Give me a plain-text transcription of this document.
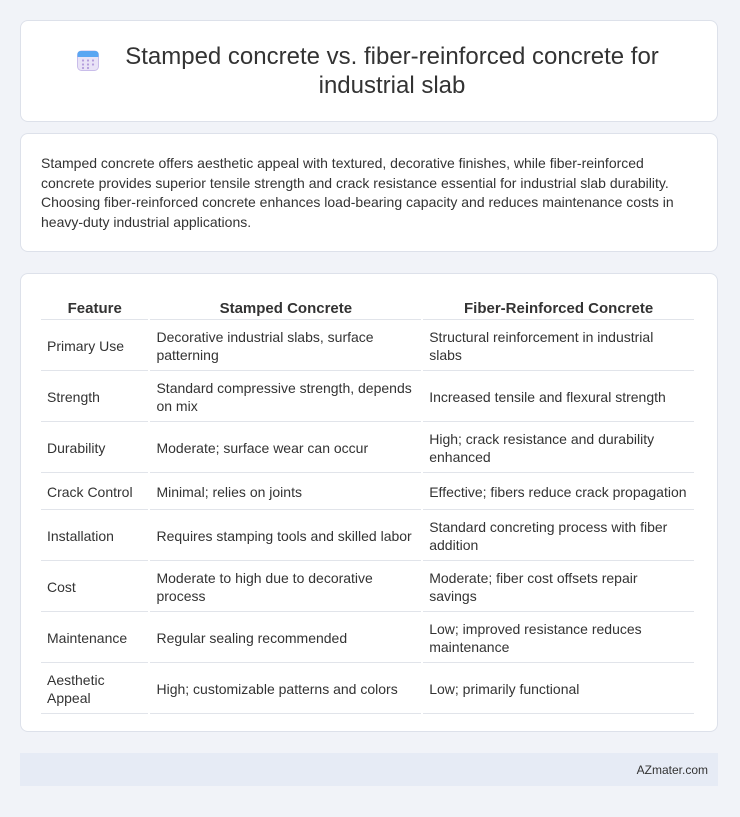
Stamped concrete vs. fiber-reinforced concrete for industrial slab

Stamped concrete offers aesthetic appeal with textured, decorative finishes, while fiber-reinforced concrete provides superior tensile strength and crack resistance essential for industrial slab durability. Choosing fiber-reinforced concrete enhances load-bearing capacity and reduces maintenance costs in heavy-duty industrial applications.

Feature	Stamped Concrete	Fiber-Reinforced Concrete
Primary Use	Decorative industrial slabs, surface patterning	Structural reinforcement in industrial slabs
Strength	Standard compressive strength, depends on mix	Increased tensile and flexural strength
Durability	Moderate; surface wear can occur	High; crack resistance and durability enhanced
Crack Control	Minimal; relies on joints	Effective; fibers reduce crack propagation
Installation	Requires stamping tools and skilled labor	Standard concreting process with fiber addition
Cost	Moderate to high due to decorative process	Moderate; fiber cost offsets repair savings
Maintenance	Regular sealing recommended	Low; improved resistance reduces maintenance
Aesthetic Appeal	High; customizable patterns and colors	Low; primarily functional
AZmater.com
